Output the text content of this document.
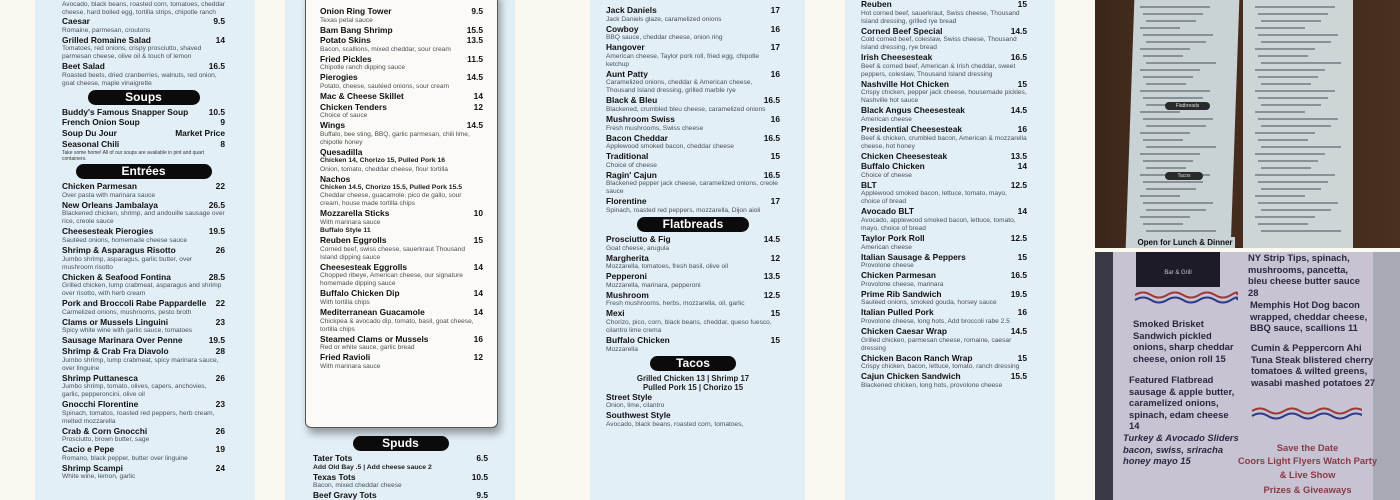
Avocado, black beans, roasted corn, tomatoes, cheddar cheese, hard boiled egg, tortilla strips, chipotle ranch
Caesar	9.5
Romaine, parmesan, croutons
Grilled Romaine Salad	14
Tomatoes, red onions, crispy prosciutto, shaved parmesan cheese, olive oil & touch of lemon
Beet Salad	16.5
Roasted beets, dried cranberries, walnuts, red onion, goat cheese, maple vinaigrette
Soups
Buddy's Famous Snapper Soup 10.5
French Onion Soup	9
Soup Du Jour	Market Price
Seasonal Chili	8
Take some home! All of our soups are available in pint and quart containers.
Entrées
Chicken Parmesan	22
Over pasta with marinara sauce
New Orleans Jambalaya	26.5
Blackened chicken, shrimp, and andouille sausage over rice, creole sauce
Cheesesteak Pierogies	19.5
Sautéed onions, homemade cheese sauce
Shrimp & Asparagus Risotto	26
Jumbo shrimp, asparagus, garlic butter, over mushroom risotto
Chicken & Seafood Fontina	28.5
Grilled chicken, lump crabmeat, asparagus and shrimp over risotto, with herb cream
Pork and Broccoli Rabe Pappardelle 22
Carmelized onions, mushrooms, pesto broth
Clams or Mussels Linguini	23
Spicy white wine with garlic sauce, tomatoes
Sausage Marinara Over Penne	19.5
Shrimp & Crab Fra Diavolo	28
Jumbo shrimp, lump crabmeat, spicy marinara sauce, over linguine
Shrimp Puttanesca	26
Jumbo shrimp, tomato, olives, capers, anchovies, garlic, pepperoncini, olive oil
Gnocchi Florentine	23
Spinach, tomatos, roasted red peppers, herb cream, melted mozzarella
Crab & Corn Gnocchi	26
Prosciutto, brown butter, sage
Cacio e Pepe	19
Romano, black pepper, butter over linguine
Shrimp Scampi	24
White wine, lemon, garlic
Spuds
Tater Tots	6.5
Add Old Bay .5 | Add cheese sauce 2
Texas Tots	10.5
Bacon, mixed cheddar cheese
Beef Gravy Tots	9.5
Onion Ring Tower	9.5
Texas petal sauce
Bam Bang Shrimp	15.5
Potato Skins	13.5
Bacon, scallions, mixed cheddar, sour cream
Fried Pickles	11.5
Chipotle ranch dipping sauce
Pierogies	14.5
Potato, cheese, sautéed onions, sour cream
Mac & Cheese Skillet	14
Chicken Tenders	12
Choice of sauce
Wings	14.5
Buffalo, bee sting, BBQ, garlic parmesan, chili lime, chipotle honey
Quesadilla
Chicken 14, Chorizo 15, Pulled Pork 16
Onion, tomato, cheddar cheese, flour tortilla
Nachos
Chicken 14.5, Chorizo 15.5, Pulled Pork 15.5
Cheddar cheese, guacamole, pico de gallo, sour cream, house made tortilla chips
Mozzarella Sticks	10
With marinara sauce
Buffalo Style 11
Reuben Eggrolls	15
Corned beef, swiss cheese, sauerkraut Thousand Island dipping sauce
Cheesesteak Eggrolls	14
Chopped ribeye, American cheese, our signature homemade dipping sauce
Buffalo Chicken Dip	14
With tortilla chips
Mediterranean Guacamole	14
Chickpea & avocado dip, tomato, basil, goat cheese, tortilla chips
Steamed Clams or Mussels	16
Red or white sauce, garlic bread
Fried Ravioli	12
With marinara sauce
Jack Daniels	17
Jack Daniels glaze, caramelized onions
Cowboy	16
BBQ sauce, cheddar cheese, onion ring
Hangover	17
American cheese, Taylor pork roll, fried egg, chipotle ketchup
Aunt Patty	16
Caramelized onions, cheddar & American cheese, Thousand Island dressing, grilled marble rye
Black & Bleu	16.5
Blackened, crumbled bleu cheese, caramelized onions
Mushroom Swiss	16
Fresh mushrooms, Swiss cheese
Bacon Cheddar	16.5
Applewood smoked bacon, cheddar cheese
Traditional	15
Choice of cheese
Ragin' Cajun	16.5
Blackened pepper jack cheese, caramelized onions, creole sauce
Florentine	17
Spinach, roasted red peppers, mozzarella, Dijon aioli
Flatbreads
Prosciutto & Fig	14.5
Goat cheese, arugula
Margherita	12
Mozzarella, tomatoes, fresh basil, olive oil
Pepperoni	13.5
Mozzarella, marinara, pepperoni
Mushroom	12.5
Fresh mushrooms, herbs, mozzarella, oil, garlic
Mexi	15
Chorizo, pico, corn, black beans, cheddar, queso fuesco, cilantro lime crema
Buffalo Chicken	15
Mozzarella
Tacos
Grilled Chicken 13 | Shrimp 17
Pulled Pork 15 | Chorizo 15
Street Style
Onion, lime, cilantro
Southwest Style
Avocado, black beans, roasted corn, tomatoes,
Reuben	15
Hot corned beef, sauerkraut, Swiss cheese, Thousand Island dressing, grilled rye bread
Corned Beef Special	14.5
Cold corned beef, coleslaw, Swiss cheese, Thousand Island dressing, rye bread
Irish Cheesesteak	16.5
Beef & corned beef, American & Irish cheddar, sweet peppers, coleslaw, Thousand Island dressing
Nashville Hot Chicken	15
Crispy chicken, pepper jack cheese, housemade pickles, Nashville hot sauce
Black Angus Cheesesteak	14.5
American cheese
Presidential Cheesesteak	16
Beef & chicken, crumbled bacon, American & mozzarella cheese, hot honey
Chicken Cheesesteak	13.5
Buffalo Chicken	14
Choice of cheese
BLT	12.5
Applewood smoked bacon, lettuce, tomato, mayo, choice of bread
Avocado BLT	14
Avocado, applewood smoked bacon, lettuce, tomato, mayo, choice of bread
Taylor Pork Roll	12.5
American cheese
Italian Sausage & Peppers	15
Provolone cheese
Chicken Parmesan	16.5
Provolone cheese, marinara
Prime Rib Sandwich	19.5
Sautéed onions, smoked gouda, horsey sauce
Italian Pulled Pork	16
Provolone cheese, long hots, Add broccoli rabe 2.5
Chicken Caesar Wrap	14.5
Grilled chicken, parmesan cheese, romaine, caesar dressing
Chicken Bacon Ranch Wrap	15
Crispy chicken, bacon, lettuce, tomato, ranch dressing
Cajun Chicken Sandwich	15.5
Blackened chicken, long hots, provolone cheese
Flatbreads
Tacos
Open for Lunch & Dinner
Bar & Grill
Smoked Brisket Sandwich pickled onions, sharp cheddar cheese, onion roll 15
Featured Flatbread sausage & apple butter, caramelized onions, spinach, edam cheese 14
Turkey & Avocado Sliders bacon, swiss, sriracha honey mayo 15
NY Strip Tips, spinach, mushrooms, pancetta, bleu cheese butter sauce 28
Memphis Hot Dog bacon wrapped, cheddar cheese, BBQ sauce, scallions 11
Cumin & Peppercorn Ahi Tuna Steak blistered cherry tomatoes & wilted greens, wasabi mashed potatoes 27
Save the Date
Coors Light Flyers Watch Party
& Live Show
Prizes & Giveaways
